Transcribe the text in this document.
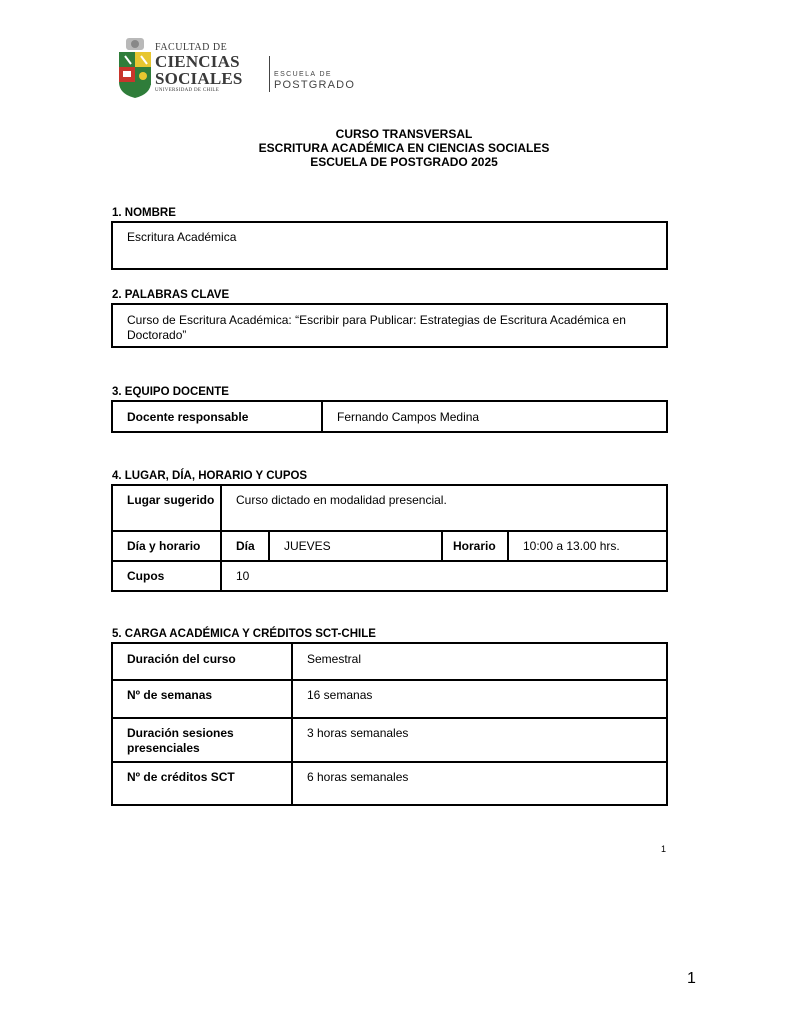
FACULTAD DE
CIENCIAS
SOCIALES
UNIVERSIDAD DE CHILE
ESCUELA DE
POSTGRADO
CURSO TRANSVERSAL
ESCRITURA ACADÉMICA EN CIENCIAS SOCIALES
ESCUELA DE POSTGRADO 2025
1. NOMBRE
Escritura Académica
2. PALABRAS CLAVE
Curso de Escritura Académica: “Escribir para Publicar: Estrategias de Escritura Académica en Doctorado”
3. EQUIPO DOCENTE
Docente responsable	Fernando Campos Medina
4. LUGAR, DÍA, HORARIO Y CUPOS
Lugar sugerido	Curso dictado en modalidad presencial.			
Día y horario	Día	JUEVES	Horario	10:00 a 13.00 hrs.
Cupos	10			
5. CARGA ACADÉMICA Y CRÉDITOS SCT-CHILE
Duración del curso	Semestral
Nº de semanas	16 semanas
Duración sesiones presenciales	3 horas semanales
Nº de créditos SCT	6 horas semanales
1
1
